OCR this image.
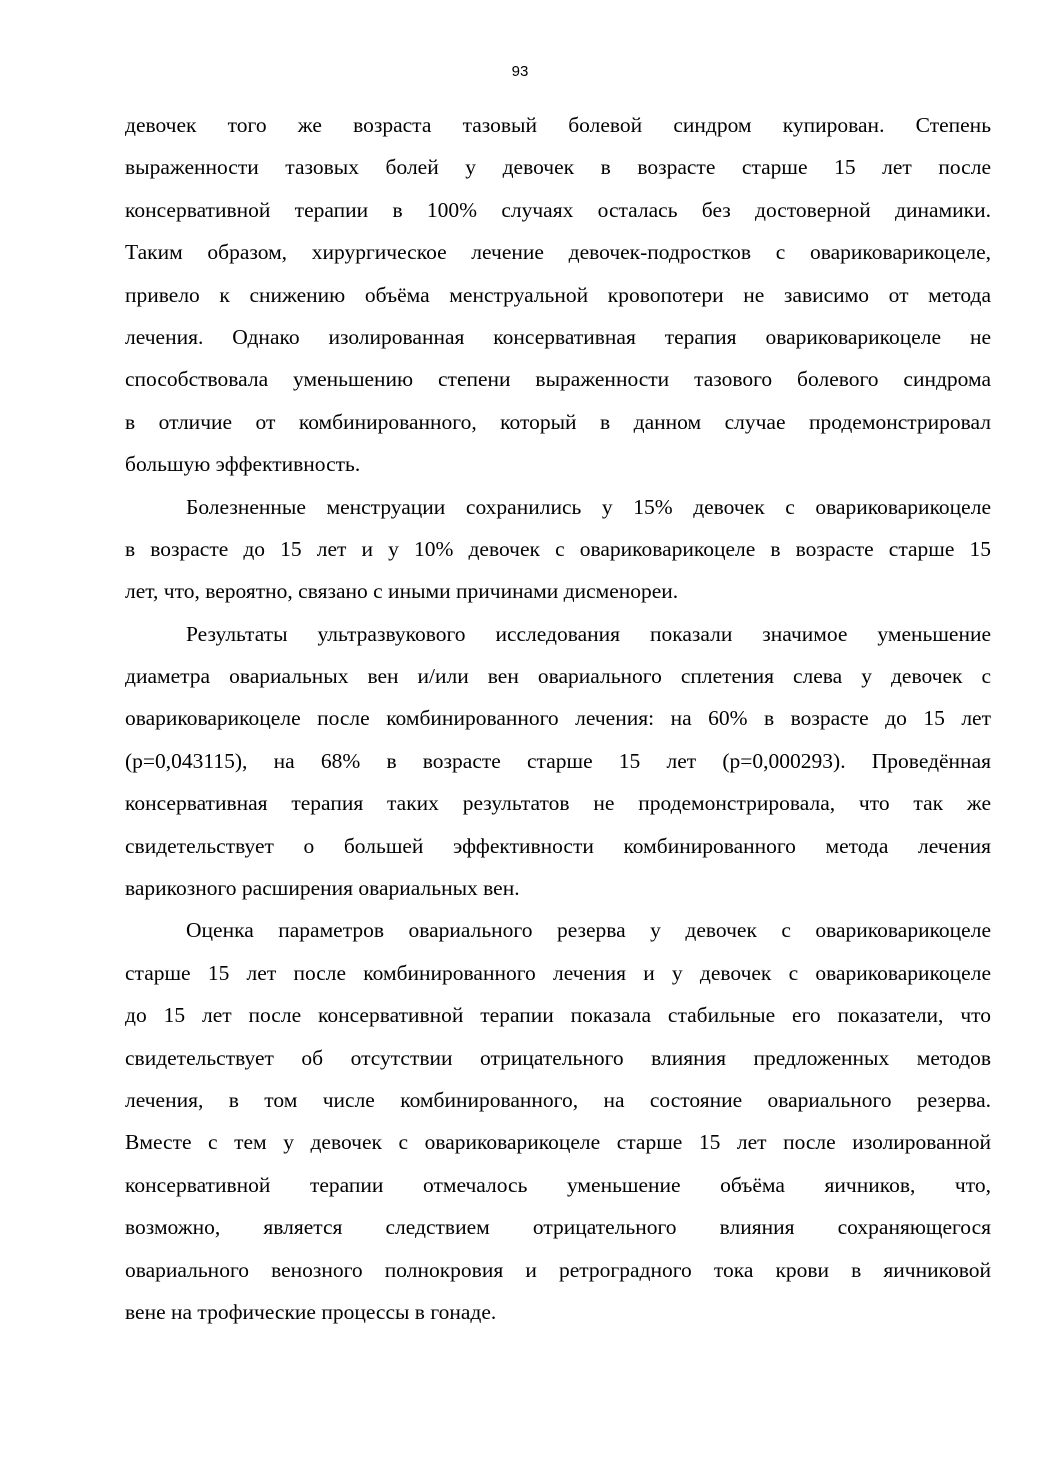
93
девочек того же возраста тазовый болевой синдром купирован. Степень
выраженности тазовых болей у девочек в возрасте старше 15 лет после
консервативной терапии в 100% случаях осталась без достоверной динамики.
Таким образом, хирургическое лечение девочек-подростков с овариковарикоцеле,
привело к снижению объёма менструальной кровопотери не зависимо от метода
лечения. Однако изолированная консервативная терапия овариковарикоцеле не
способствовала уменьшению степени выраженности тазового болевого синдрома
в отличие от комбинированного, который в данном случае продемонстрировал
большую эффективность.
Болезненные менструации сохранились у 15% девочек с овариковарикоцеле
в возрасте до 15 лет и у 10% девочек с овариковарикоцеле в возрасте старше 15
лет, что, вероятно, связано с иными причинами дисменореи.
Результаты ультразвукового исследования показали значимое уменьшение
диаметра овариальных вен и/или вен овариального сплетения слева у девочек с
овариковарикоцеле после комбинированного лечения: на 60% в возрасте до 15 лет
(р=0,043115), на 68% в возрасте старше 15 лет (р=0,000293). Проведённая
консервативная терапия таких результатов не продемонстрировала, что так же
свидетельствует о большей эффективности комбинированного метода лечения
варикозного расширения овариальных вен.
Оценка параметров овариального резерва у девочек с овариковарикоцеле
старше 15 лет после комбинированного лечения и у девочек с овариковарикоцеле
до 15 лет после консервативной терапии показала стабильные его показатели, что
свидетельствует об отсутствии отрицательного влияния предложенных методов
лечения, в том числе комбинированного, на состояние овариального резерва.
Вместе с тем у девочек с овариковарикоцеле старше 15 лет после изолированной
консервативной терапии отмечалось уменьшение объёма яичников, что,
возможно, является следствием отрицательного влияния сохраняющегося
овариального венозного полнокровия и ретроградного тока крови в яичниковой
вене на трофические процессы в гонаде.
